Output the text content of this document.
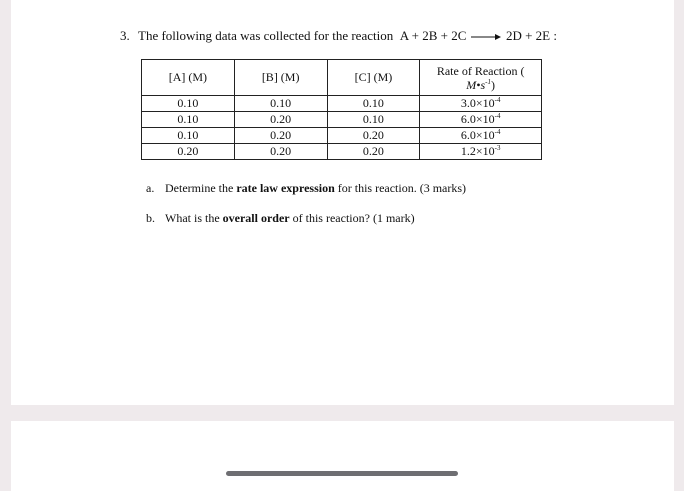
3. The following data was collected for the reaction A + 2B + 2C → 2D + 2E :
[A] (M)	[B] (M)	[C] (M)	Rate of Reaction (
$M•s^{-1}$)
0.10	0.10	0.10	$3.0\times 10^{-4}$
0.10	0.20	0.10	$6.0\times 10^{-4}$
0.10	0.20	0.20	$6.0\times 10^{-4}$
0.20	0.20	0.20	$1.2\times 10^{-3}$
a. Determine the rate law expression for this reaction. (3 marks)
b. What is the overall order of this reaction? (1 mark)
